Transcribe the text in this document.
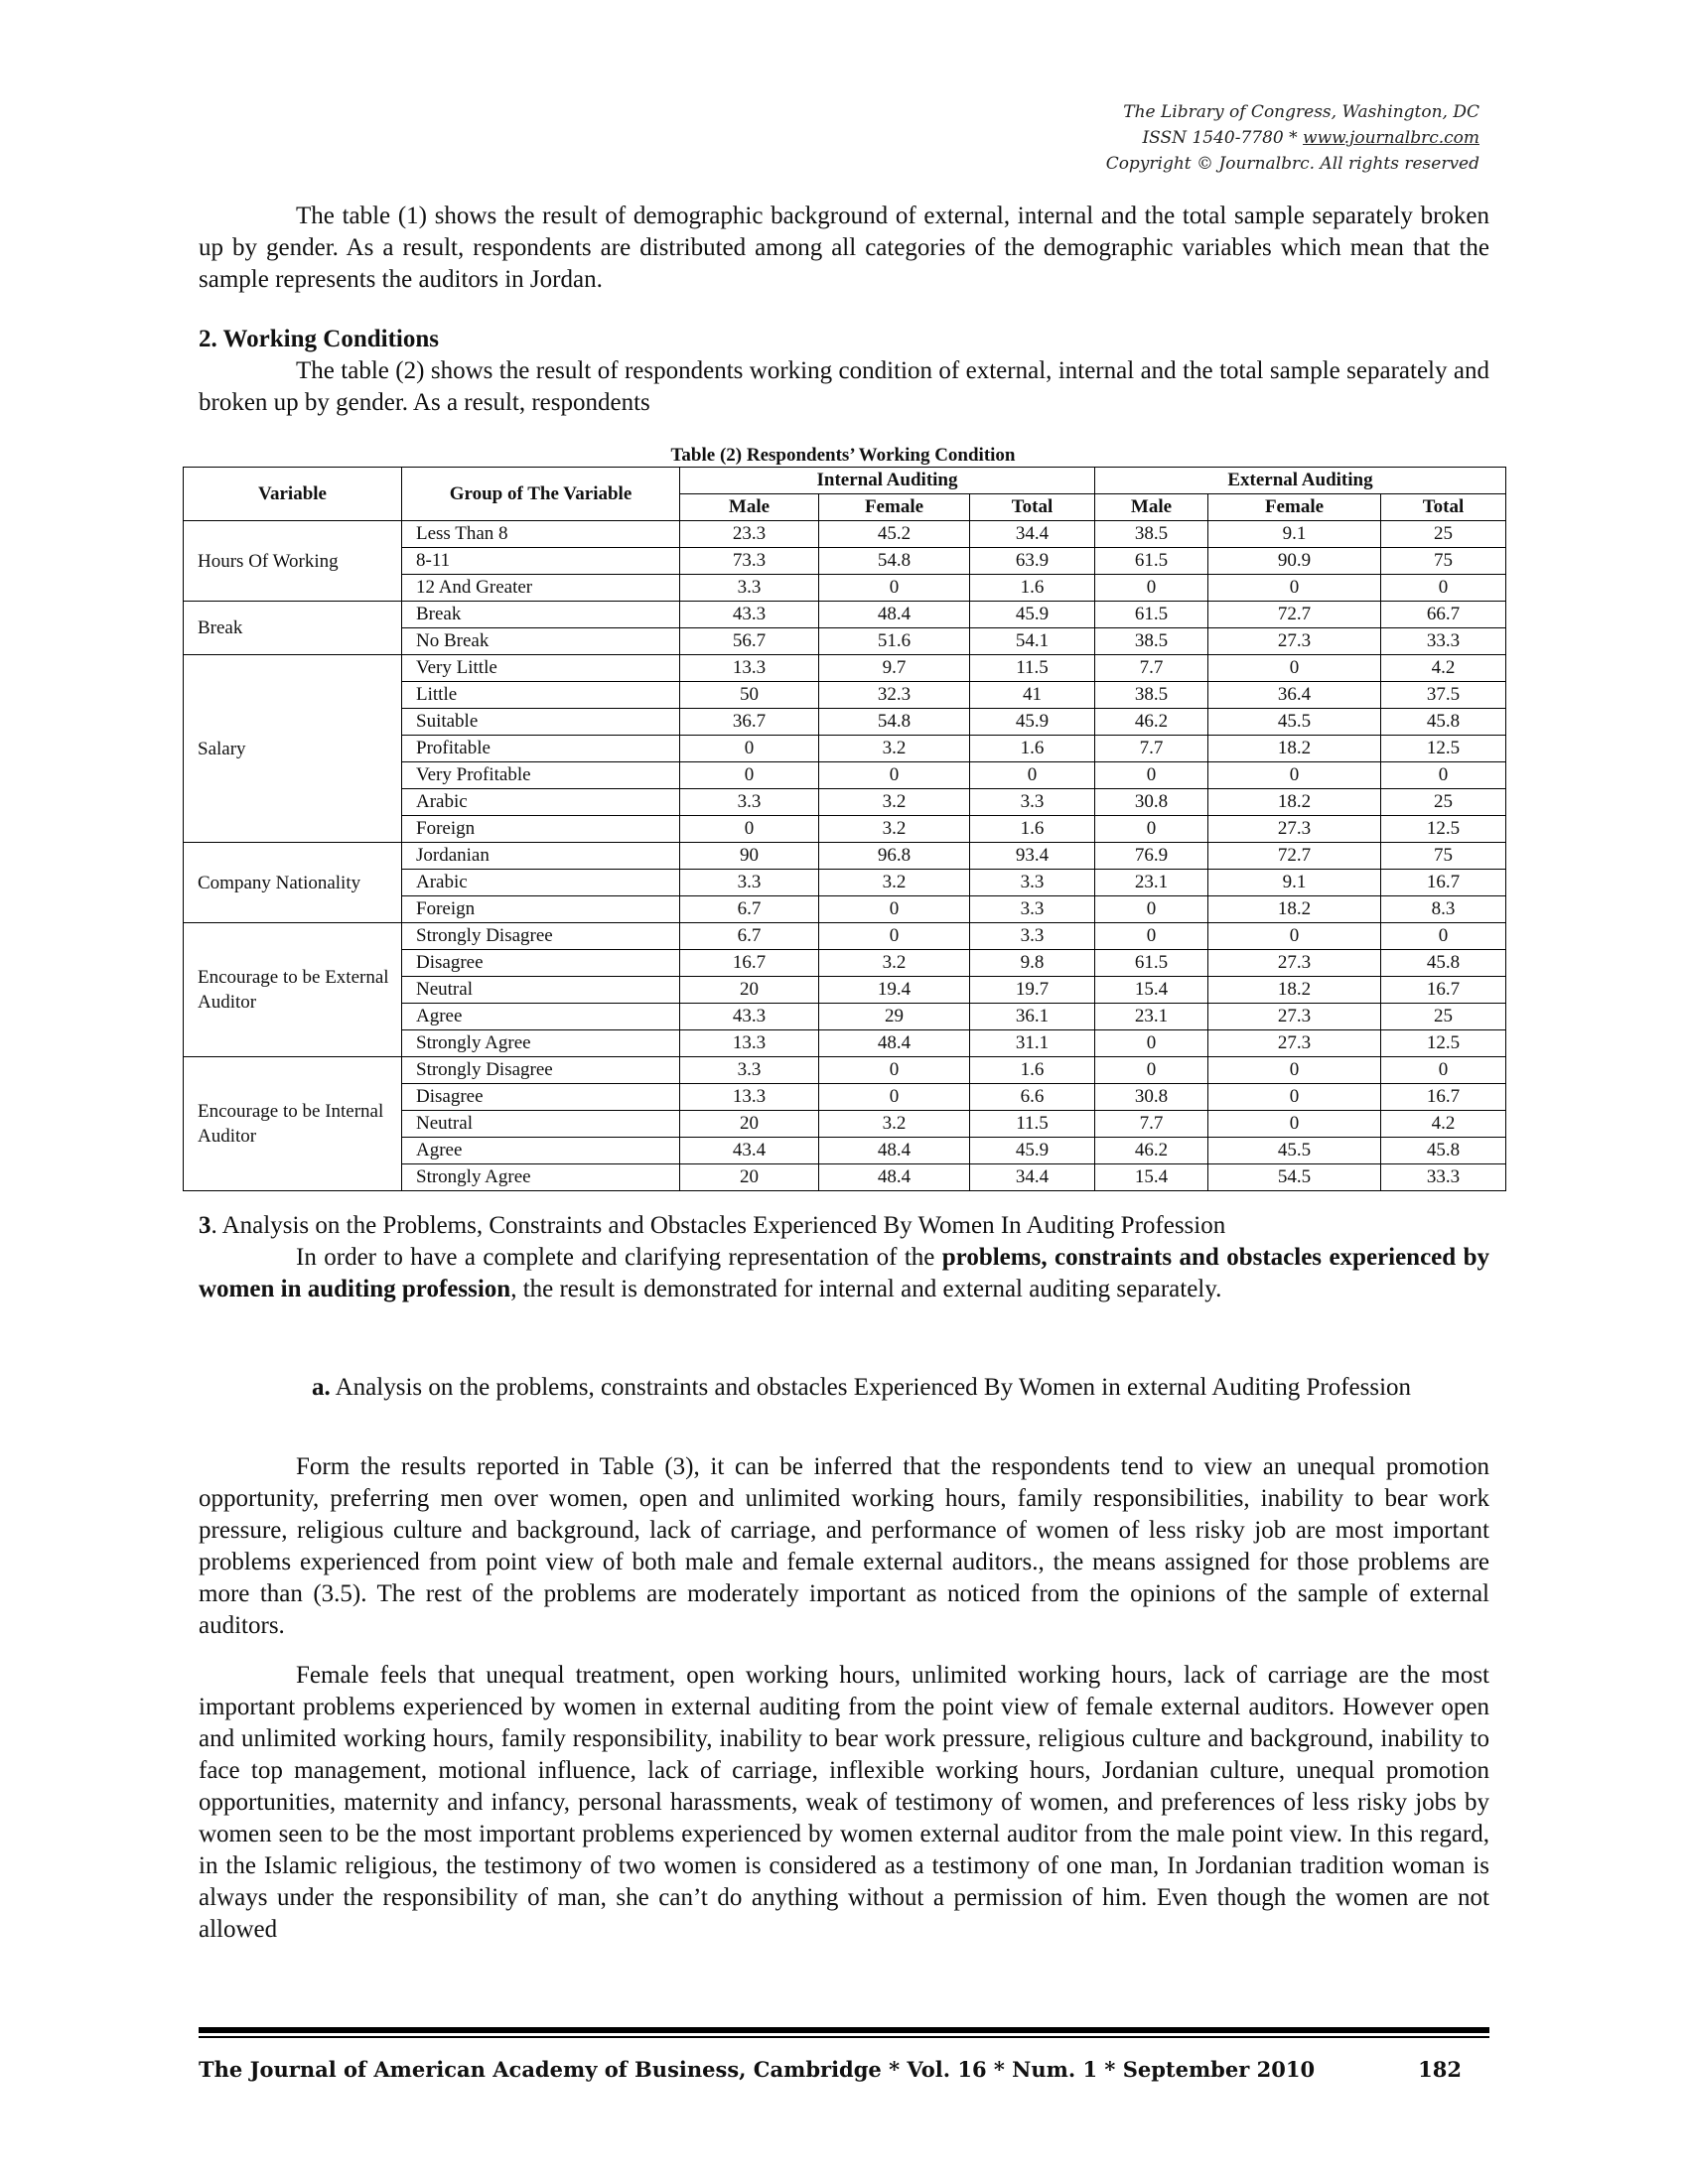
The Library of Congress, Washington, DC
ISSN 1540-7780 * www.journalbrc.com
Copyright © Journalbrc. All rights reserved
The table (1) shows the result of demographic background of external, internal and the total sample separately broken up by gender. As a result, respondents are distributed among all categories of the demographic variables which mean that the sample represents the auditors in Jordan.
2. Working Conditions
The table (2) shows the result of respondents working condition of external, internal and the total sample separately and broken up by gender. As a result, respondents
Table (2) Respondents’ Working Condition
Variable	Group of The Variable	Internal Auditing			External Auditing		
		Male	Female	Total	Male	Female	Total
Hours Of Working	Less Than 8	23.3	45.2	34.4	38.5	9.1	25
	8-11	73.3	54.8	63.9	61.5	90.9	75
	12 And Greater	3.3	0	1.6	0	0	0
Break	Break	43.3	48.4	45.9	61.5	72.7	66.7
	No Break	56.7	51.6	54.1	38.5	27.3	33.3
Salary	Very Little	13.3	9.7	11.5	7.7	0	4.2
	Little	50	32.3	41	38.5	36.4	37.5
	Suitable	36.7	54.8	45.9	46.2	45.5	45.8
	Profitable	0	3.2	1.6	7.7	18.2	12.5
	Very Profitable	0	0	0	0	0	0
	Arabic	3.3	3.2	3.3	30.8	18.2	25
	Foreign	0	3.2	1.6	0	27.3	12.5
Company Nationality	Jordanian	90	96.8	93.4	76.9	72.7	75
	Arabic	3.3	3.2	3.3	23.1	9.1	16.7
	Foreign	6.7	0	3.3	0	18.2	8.3
Encourage to be External Auditor	Strongly Disagree	6.7	0	3.3	0	0	0
	Disagree	16.7	3.2	9.8	61.5	27.3	45.8
	Neutral	20	19.4	19.7	15.4	18.2	16.7
	Agree	43.3	29	36.1	23.1	27.3	25
	Strongly Agree	13.3	48.4	31.1	0	27.3	12.5
Encourage to be Internal Auditor	Strongly Disagree	3.3	0	1.6	0	0	0
	Disagree	13.3	0	6.6	30.8	0	16.7
	Neutral	20	3.2	11.5	7.7	0	4.2
	Agree	43.4	48.4	45.9	46.2	45.5	45.8
	Strongly Agree	20	48.4	34.4	15.4	54.5	33.3
3. Analysis on the Problems, Constraints and Obstacles Experienced By Women In Auditing Profession
In order to have a complete and clarifying representation of the problems, constraints and obstacles experienced by women in auditing profession, the result is demonstrated for internal and external auditing separately.
a. Analysis on the problems, constraints and obstacles Experienced By Women in external Auditing Profession
Form the results reported in Table (3), it can be inferred that the respondents tend to view an unequal promotion opportunity, preferring men over women, open and unlimited working hours, family responsibilities, inability to bear work pressure, religious culture and background, lack of carriage, and performance of women of less risky job are most important problems experienced from point view of both male and female external auditors., the means assigned for those problems are more than (3.5). The rest of the problems are moderately important as noticed from the opinions of the sample of external auditors.
Female feels that unequal treatment, open working hours, unlimited working hours, lack of carriage are the most important problems experienced by women in external auditing from the point view of female external auditors. However open and unlimited working hours, family responsibility, inability to bear work pressure, religious culture and background, inability to face top management, motional influence, lack of carriage, inflexible working hours, Jordanian culture, unequal promotion opportunities, maternity and infancy, personal harassments, weak of testimony of women, and preferences of less risky jobs by women seen to be the most important problems experienced by women external auditor from the male point view. In this regard, in the Islamic religious, the testimony of two women is considered as a testimony of one man, In Jordanian tradition woman is always under the responsibility of man, she can’t do anything without a permission of him. Even though the women are not allowed
The Journal of American Academy of Business, Cambridge * Vol. 16 * Num. 1 * September 2010	182
